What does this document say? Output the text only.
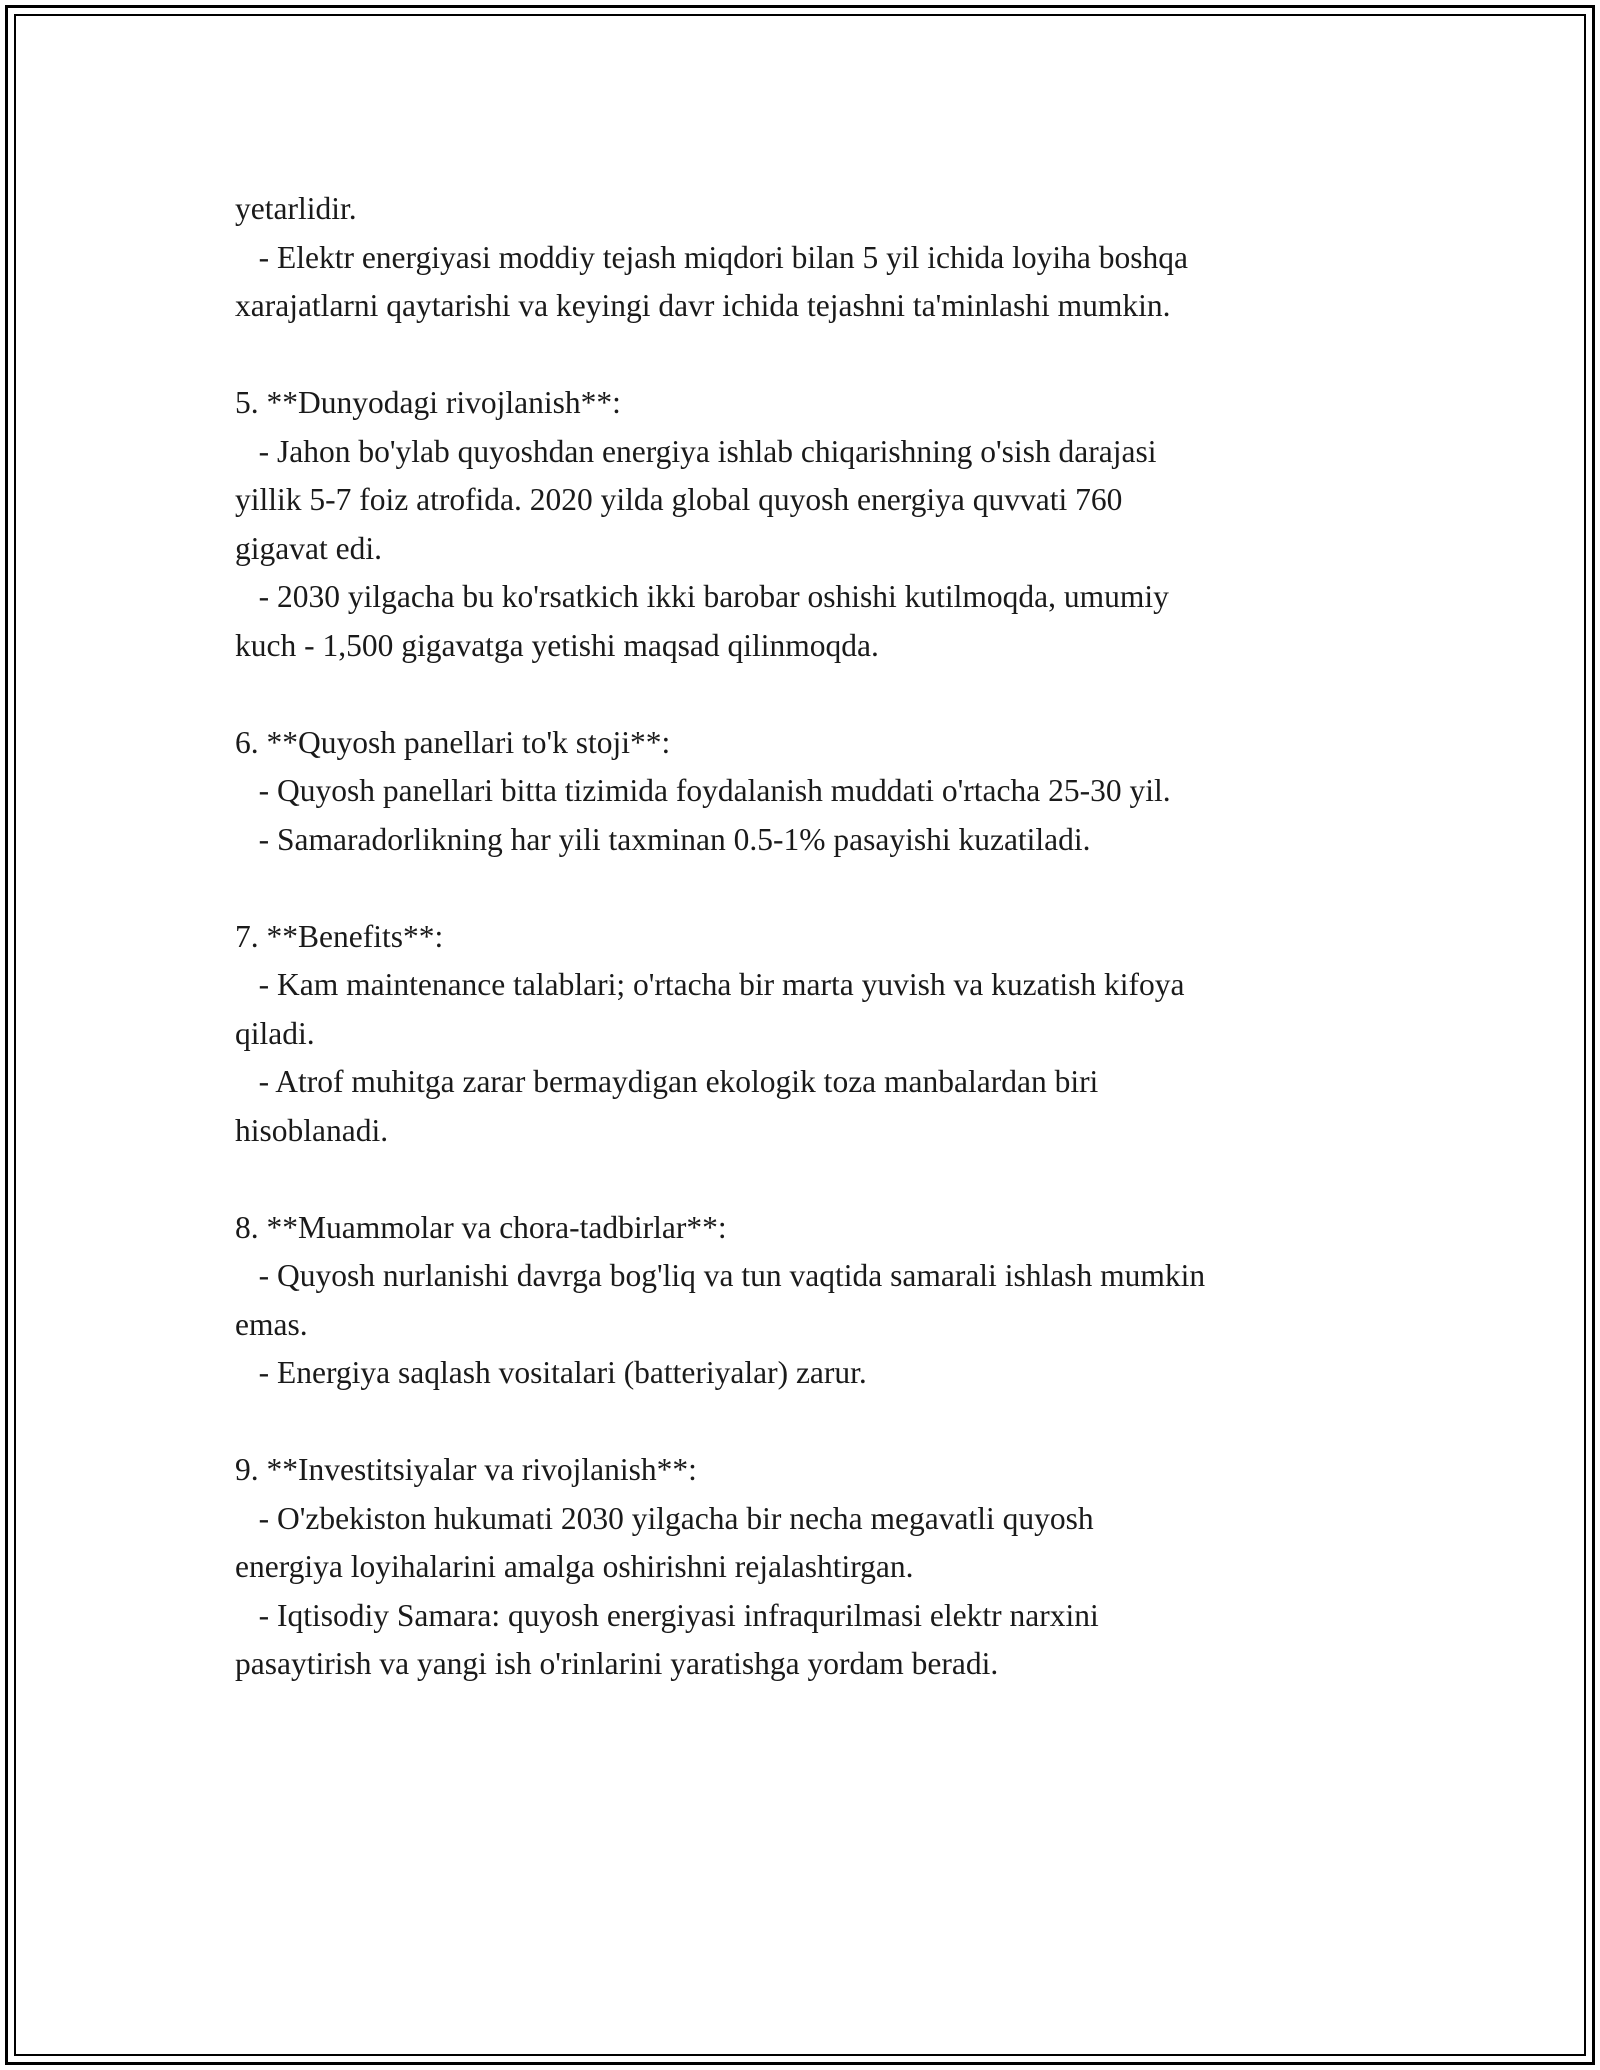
yetarlidir.
- Elektr energiyasi moddiy tejash miqdori bilan 5 yil ichida loyiha boshqa
xarajatlarni qaytarishi va keyingi davr ichida tejashni ta'minlashi mumkin.
5. **Dunyodagi rivojlanish**:
- Jahon bo'ylab quyoshdan energiya ishlab chiqarishning o'sish darajasi
yillik 5-7 foiz atrofida. 2020 yilda global quyosh energiya quvvati 760
gigavat edi.
- 2030 yilgacha bu ko'rsatkich ikki barobar oshishi kutilmoqda, umumiy
kuch - 1,500 gigavatga yetishi maqsad qilinmoqda.
6. **Quyosh panellari to'k stoji**:
- Quyosh panellari bitta tizimida foydalanish muddati o'rtacha 25-30 yil.
- Samaradorlikning har yili taxminan 0.5-1% pasayishi kuzatiladi.
7. **Benefits**:
- Kam maintenance talablari; o'rtacha bir marta yuvish va kuzatish kifoya
qiladi.
- Atrof muhitga zarar bermaydigan ekologik toza manbalardan biri
hisoblanadi.
8. **Muammolar va chora-tadbirlar**:
- Quyosh nurlanishi davrga bog'liq va tun vaqtida samarali ishlash mumkin
emas.
- Energiya saqlash vositalari (batteriyalar) zarur.
9. **Investitsiyalar va rivojlanish**:
- O'zbekiston hukumati 2030 yilgacha bir necha megavatli quyosh
energiya loyihalarini amalga oshirishni rejalashtirgan.
- Iqtisodiy Samara: quyosh energiyasi infraqurilmasi elektr narxini
pasaytirish va yangi ish o'rinlarini yaratishga yordam beradi.
